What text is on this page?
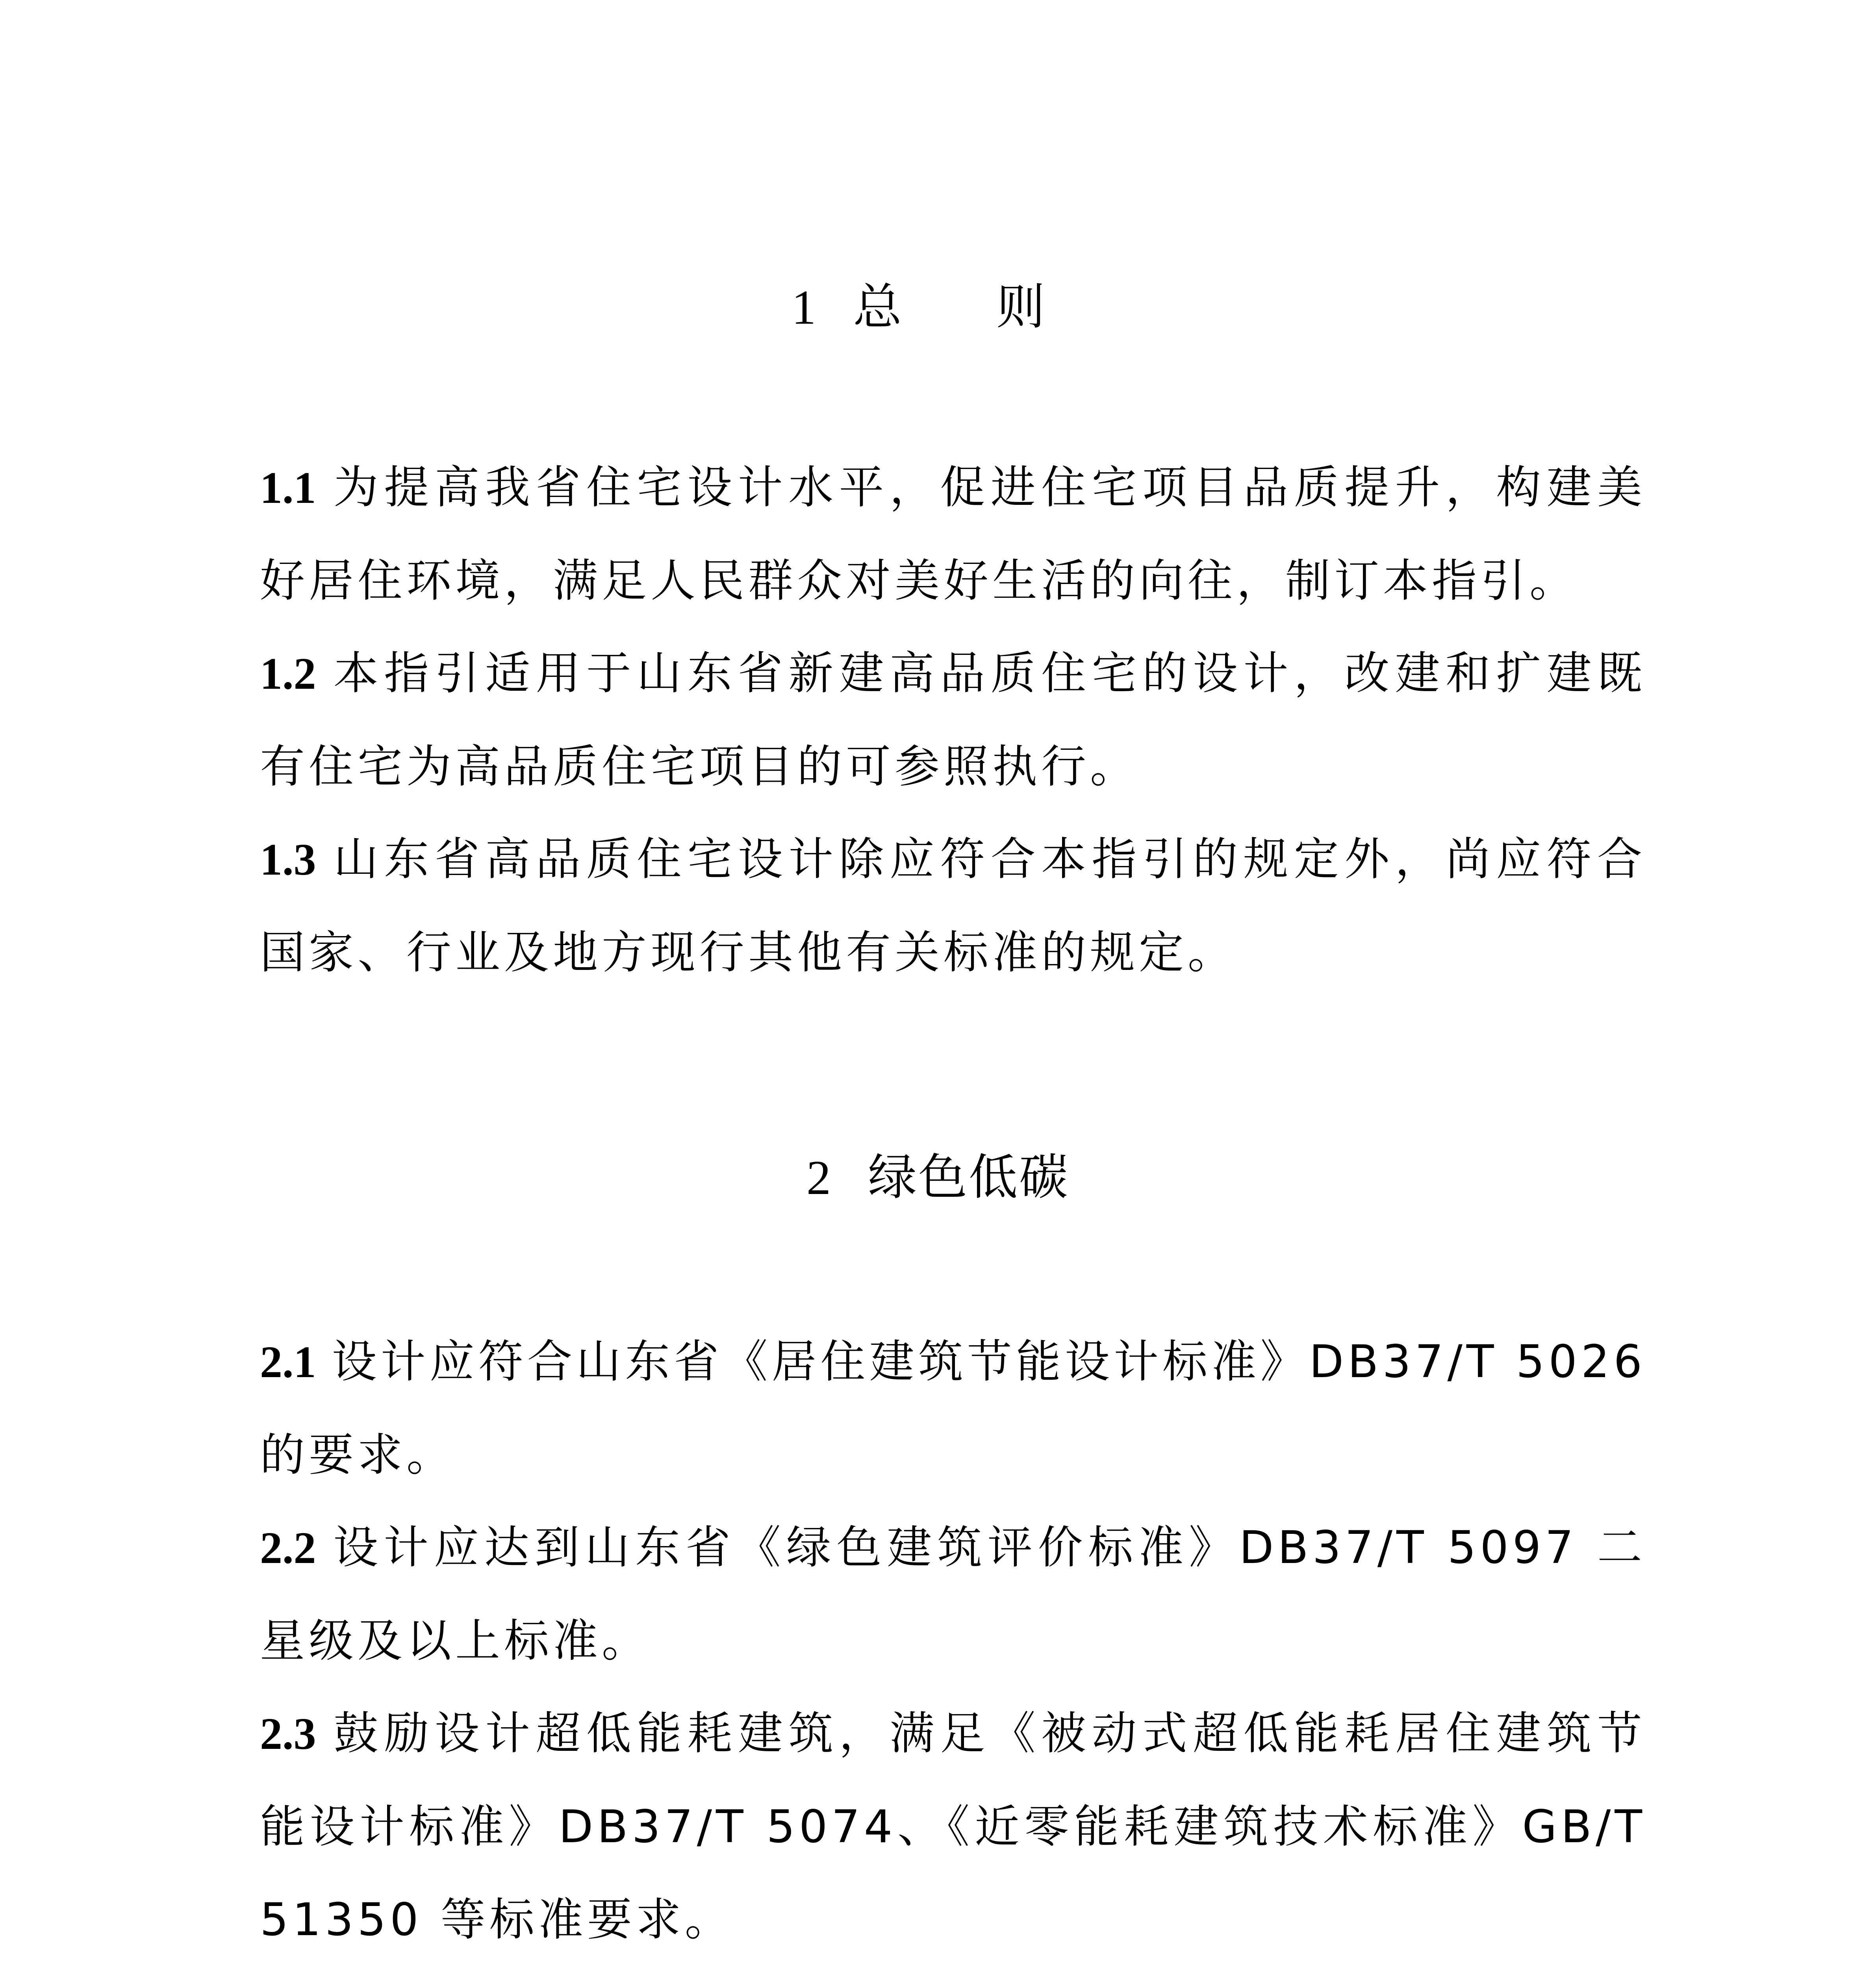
1 总 则
1.1 为提高我省住宅设计水平，促进住宅项目品质提升，构建美好居住环境，满足人民群众对美好生活的向往，制订本指引。
1.2 本指引适用于山东省新建高品质住宅的设计，改建和扩建既有住宅为高品质住宅项目的可参照执行。
1.3 山东省高品质住宅设计除应符合本指引的规定外，尚应符合国家、行业及地方现行其他有关标准的规定。
2 绿色低碳
2.1 设计应符合山东省《居住建筑节能设计标准》DB37/T 5026的要求。
2.2 设计应达到山东省《绿色建筑评价标准》DB37/T 5097 二星级及以上标准。
2.3 鼓励设计超低能耗建筑，满足《被动式超低能耗居住建筑节能设计标准》DB37/T 5074、《近零能耗建筑技术标准》GB/T 51350 等标准要求。
